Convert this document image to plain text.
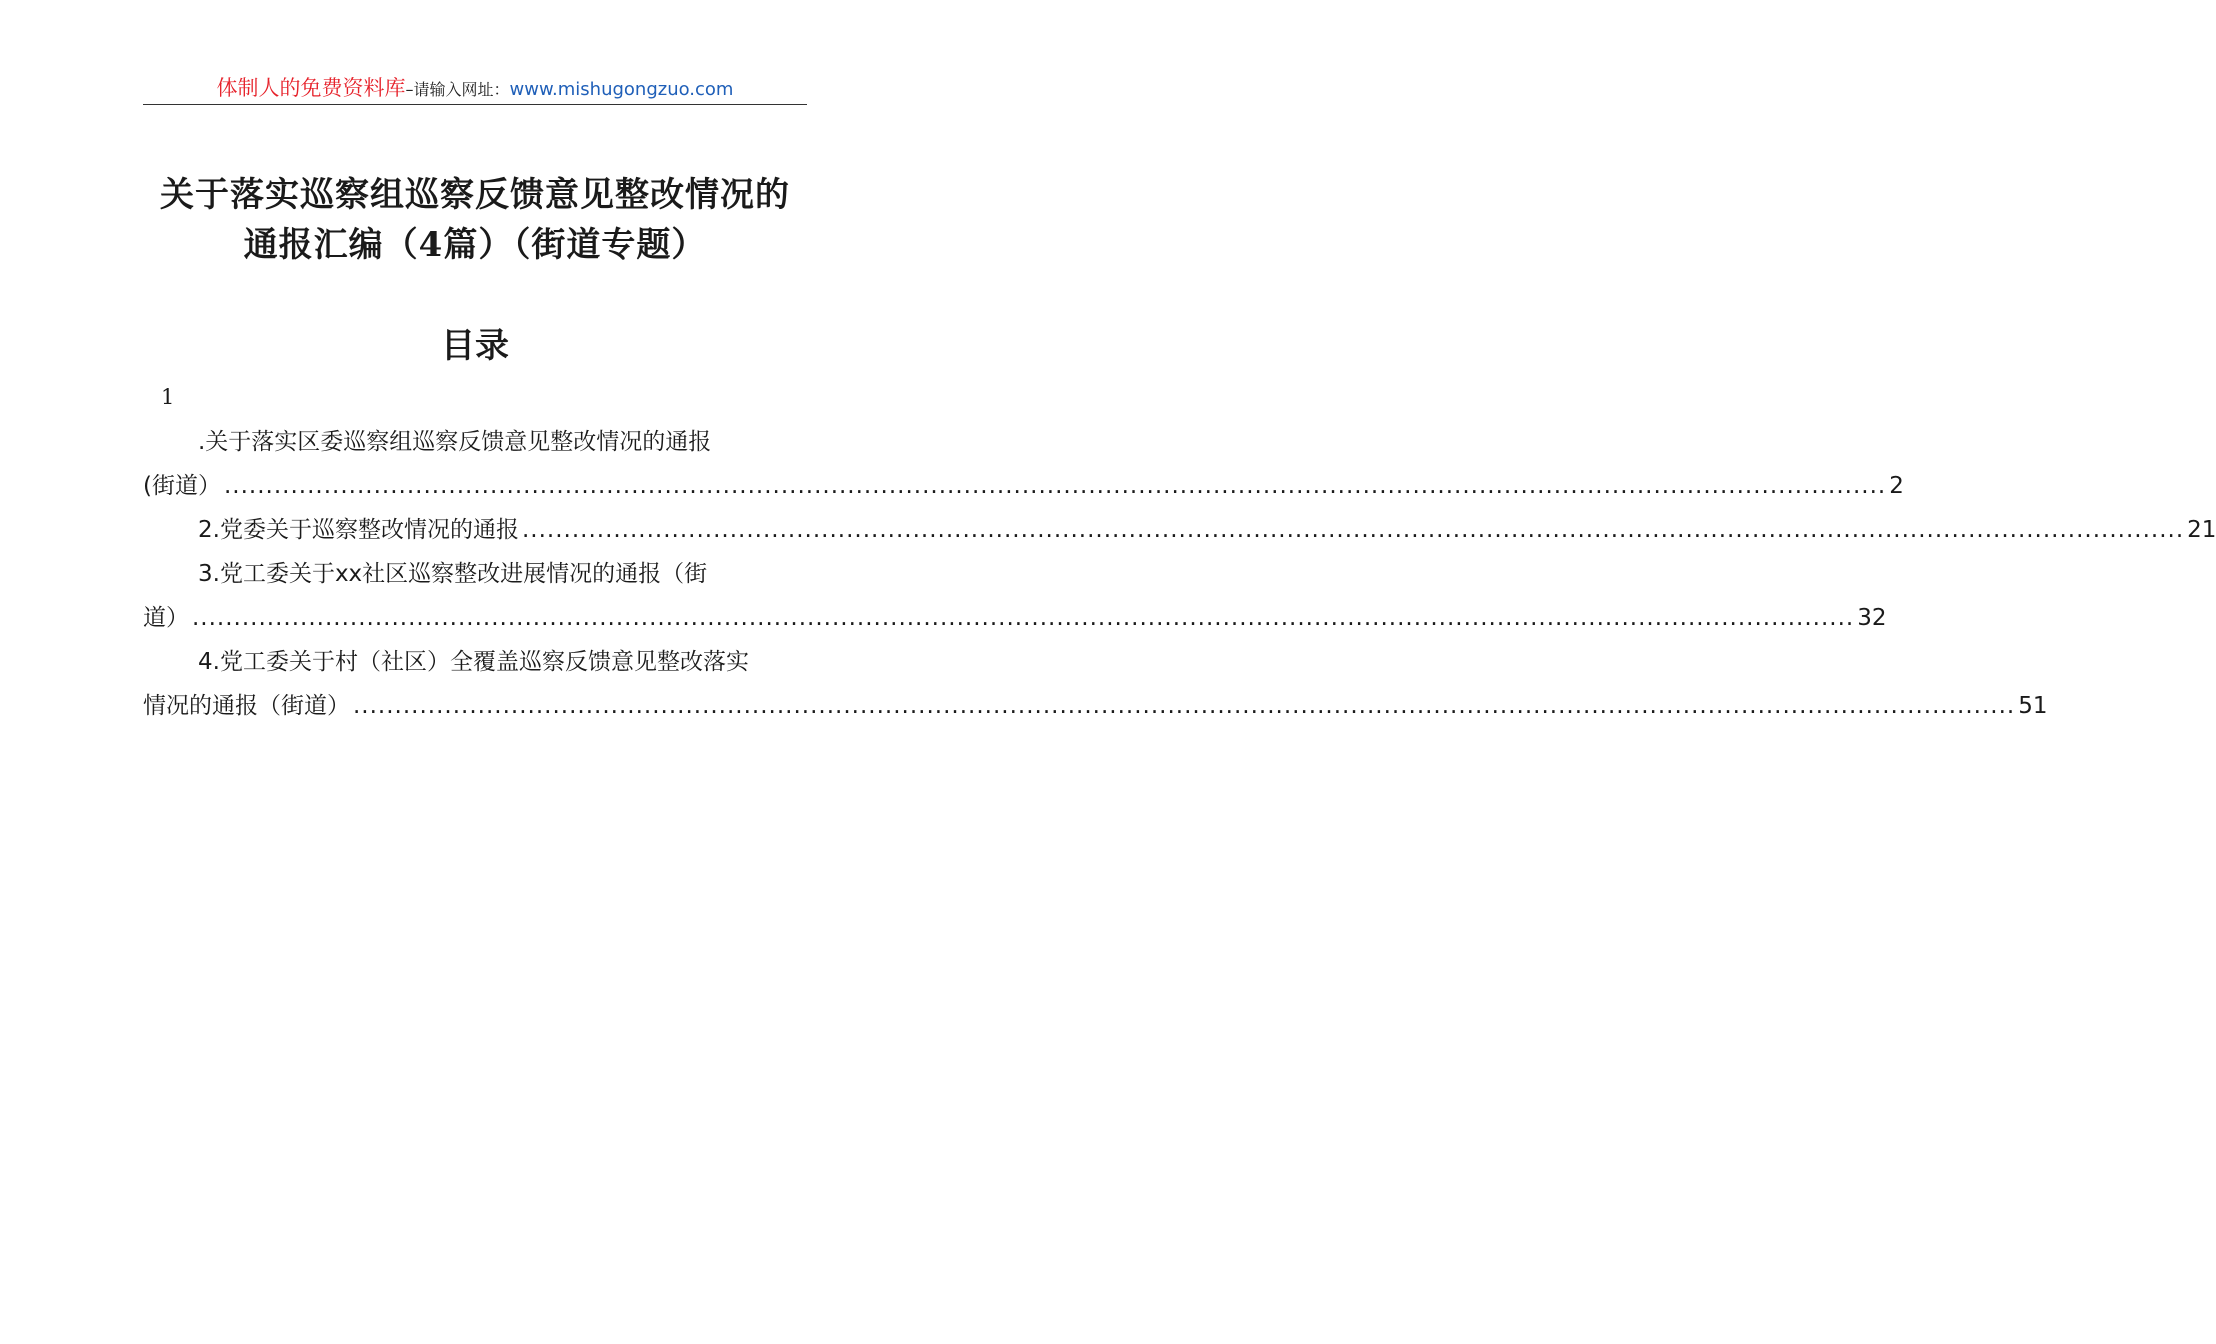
体制人的免费资料库–请输入网址：www.mishugongzuo.com
关于落实巡察组巡察反馈意见整改情况的
通报汇编（4篇）（街道专题）
目录
1
.关于落实区委巡察组巡察反馈意见整改情况的通报
(街道） ........................................................................................................................................................................................................ 2
2.党委关于巡察整改情况的通报 ........................................................................................................................................................................................................ 21
3.党工委关于xx社区巡察整改进展情况的通报（街
道） ........................................................................................................................................................................................................ 32
4.党工委关于村（社区）全覆盖巡察反馈意见整改落实
情况的通报（街道） ........................................................................................................................................................................................................ 51
